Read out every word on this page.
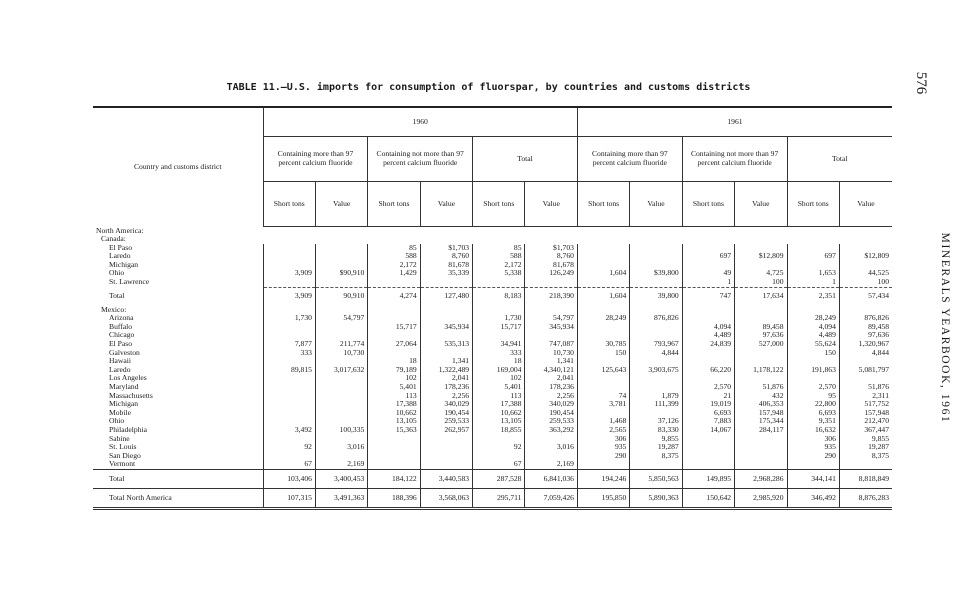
576
MINERALS YEARBOOK, 1961
TABLE 11.—U.S. imports for consumption of fluorspar, by countries and customs districts
Country and customs district	1960						1961					
	Containing more than 97 percent calcium fluoride		Containing not more than 97 percent calcium fluoride		Total		Containing more than 97 percent calcium fluoride		Containing not more than 97 percent calcium fluoride		Total	
	Short tons	Value	Short tons	Value	Short tons	Value	Short tons	Value	Short tons	Value	Short tons	Value
North America:												
Canada:												
El Paso			85	$1,703	85	$1,703						
Laredo			588	8,760	588	8,760			697	$12,809	697	$12,809
Michigan			2,172	81,678	2,172	81,678						
Ohio	3,909	$90,910	1,429	35,339	5,338	126,249	1,604	$39,800	49	4,725	1,653	44,525
St. Lawrence									1	100	1	100
Total	3,909	90,910	4,274	127,480	8,183	218,390	1,604	39,800	747	17,634	2,351	57,434
Mexico:												
Arizona	1,730	54,797			1,730	54,797	28,249	876,826			28,249	876,826
Buffalo			15,717	345,934	15,717	345,934			4,094	89,458	4,094	89,458
Chicago									4,489	97,636	4,489	97,636
El Paso	7,877	211,774	27,064	535,313	34,941	747,087	30,785	793,967	24,839	527,000	55,624	1,320,967
Galveston	333	10,730			333	10,730	150	4,844			150	4,844
Hawaii			18	1,341	18	1,341						
Laredo	89,815	3,017,632	79,189	1,322,489	169,004	4,340,121	125,643	3,903,675	66,220	1,178,122	191,863	5,081,797
Los Angeles			102	2,041	102	2,041						
Maryland			5,401	178,236	5,401	178,236			2,570	51,876	2,570	51,876
Massachusetts			113	2,256	113	2,256	74	1,879	21	432	95	2,311
Michigan			17,388	340,029	17,388	340,029	3,781	111,399	19,019	406,353	22,800	517,752
Mobile			10,662	190,454	10,662	190,454			6,693	157,948	6,693	157,948
Ohio			13,105	259,533	13,105	259,533	1,468	37,126	7,883	175,344	9,351	212,470
Philadelphia	3,492	100,335	15,363	262,957	18,855	363,292	2,565	83,330	14,067	284,117	16,632	367,447
Sabine							306	9,855			306	9,855
St. Louis	92	3,016			92	3,016	935	19,287			935	19,287
San Diego							290	8,375			290	8,375
Vermont	67	2,169			67	2,169						
Total	103,406	3,400,453	184,122	3,440,583	287,528	6,841,036	194,246	5,850,563	149,895	2,968,286	344,141	8,818,849
Total North America	107,315	3,491,363	188,396	3,568,063	295,711	7,059,426	195,850	5,890,363	150,642	2,985,920	346,492	8,876,283
